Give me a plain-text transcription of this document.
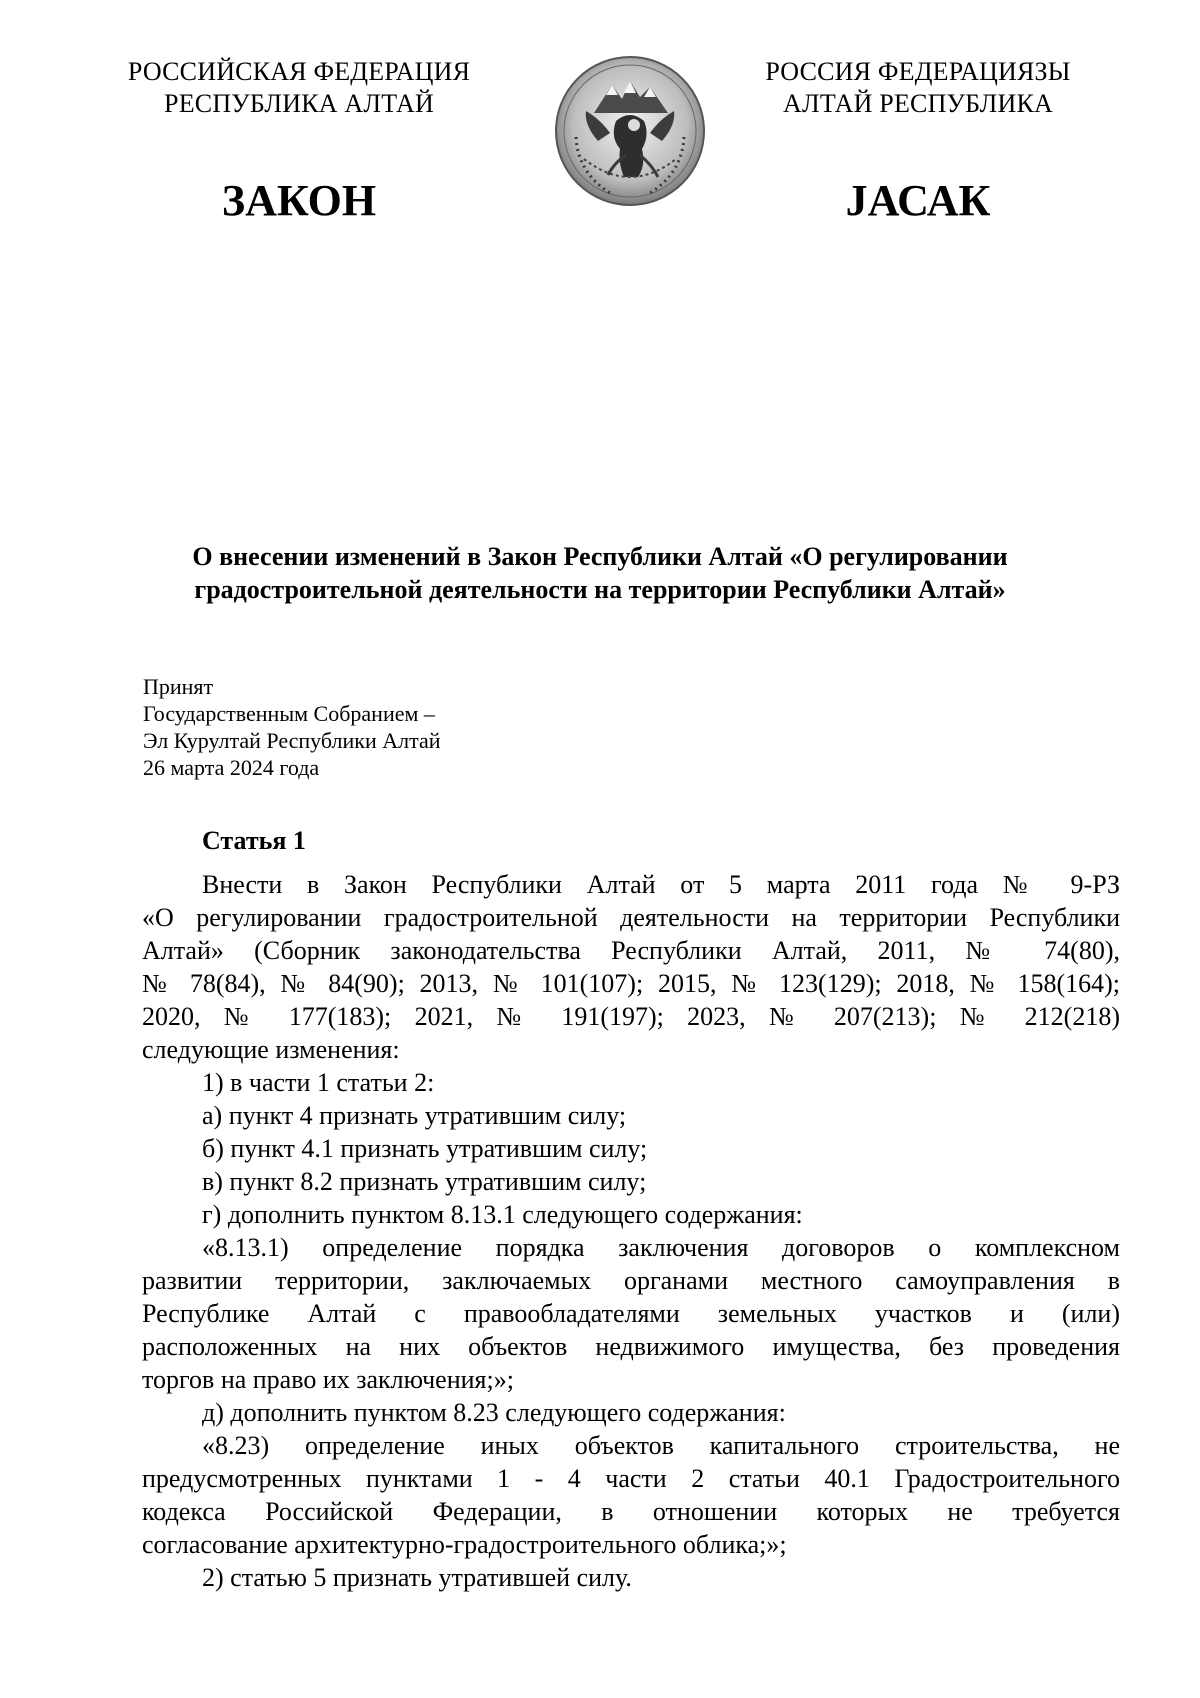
РОССИЙСКАЯ ФЕДЕРАЦИЯ
РЕСПУБЛИКА АЛТАЙ
РОССИЯ ФЕДЕРАЦИЯЗЫ
АЛТАЙ РЕСПУБЛИКА
ЗАКОН	JАСАК
О внесении изменений в Закон Республики Алтай «О регулировании
градостроительной деятельности на территории Республики Алтай»
Принят
Государственным Собранием –
Эл Курултай Республики Алтай
26 марта 2024 года
Статья 1
Внести в Закон Республики Алтай от 5 марта 2011 года № 9-РЗ
«О регулировании градостроительной деятельности на территории Республики
Алтай» (Сборник законодательства Республики Алтай, 2011, № 74(80),
№ 78(84), № 84(90); 2013, № 101(107); 2015, № 123(129); 2018, № 158(164);
2020, № 177(183); 2021, № 191(197); 2023, № 207(213); № 212(218)
следующие изменения:
1) в части 1 статьи 2:
а) пункт 4 признать утратившим силу;
б) пункт 4.1 признать утратившим силу;
в) пункт 8.2 признать утратившим силу;
г) дополнить пунктом 8.13.1 следующего содержания:
«8.13.1) определение порядка заключения договоров о комплексном
развитии территории, заключаемых органами местного самоуправления в
Республике Алтай с правообладателями земельных участков и (или)
расположенных на них объектов недвижимого имущества, без проведения
торгов на право их заключения;»;
д) дополнить пунктом 8.23 следующего содержания:
«8.23) определение иных объектов капитального строительства, не
предусмотренных пунктами 1 - 4 части 2 статьи 40.1 Градостроительного
кодекса Российской Федерации, в отношении которых не требуется
согласование архитектурно-градостроительного облика;»;
2) статью 5 признать утратившей силу.
